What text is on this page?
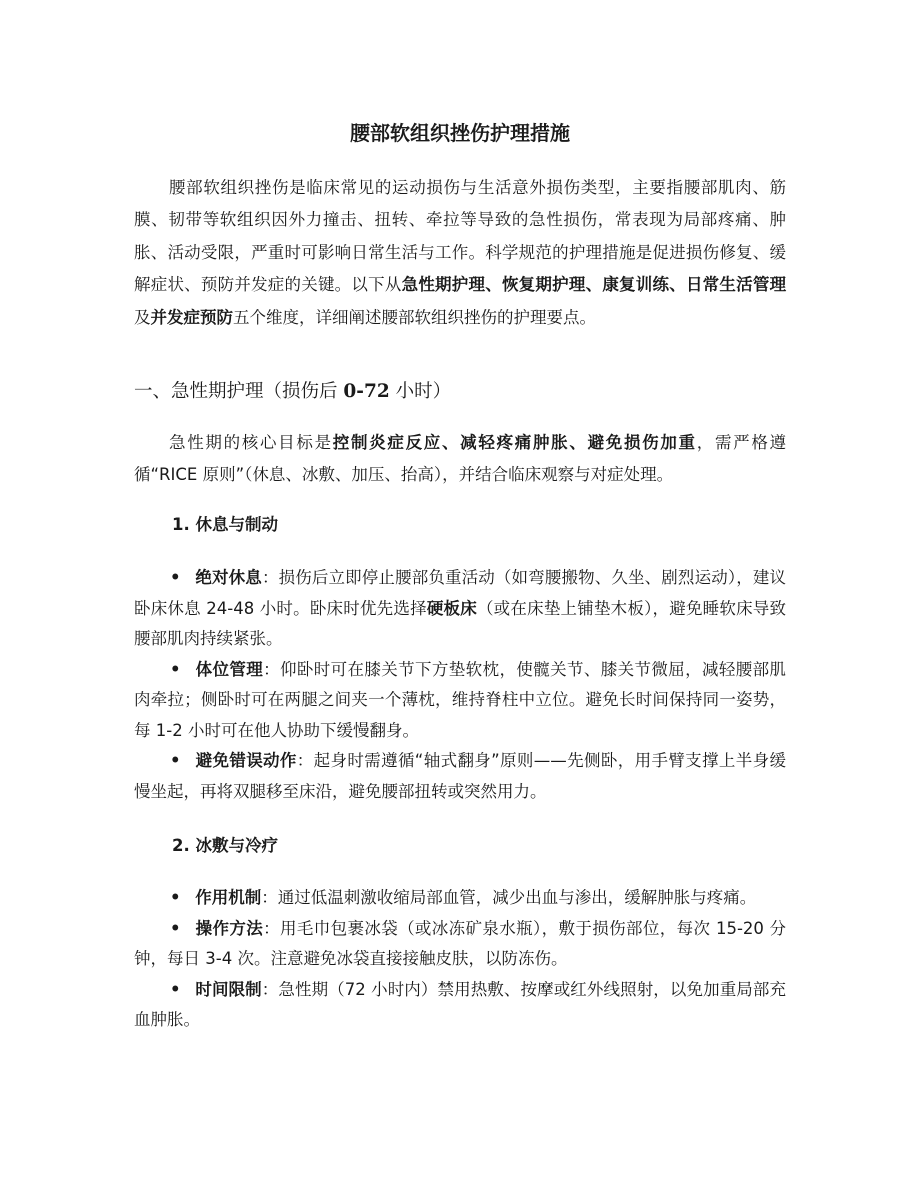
腰部软组织挫伤护理措施

腰部软组织挫伤是临床常见的运动损伤与生活意外损伤类型，主要指腰部肌肉、筋膜、韧带等软组织因外力撞击、扭转、牵拉等导致的急性损伤，常表现为局部疼痛、肿胀、活动受限，严重时可影响日常生活与工作。科学规范的护理措施是促进损伤修复、缓解症状、预防并发症的关键。以下从急性期护理、恢复期护理、康复训练、日常生活管理及并发症预防五个维度，详细阐述腰部软组织挫伤的护理要点。

一、急性期护理（损伤后 0-72 小时）

急性期的核心目标是控制炎症反应、减轻疼痛肿胀、避免损伤加重，需严格遵循“RICE 原则”（休息、冰敷、加压、抬高），并结合临床观察与对症处理。

1. 休息与制动
• 绝对休息：损伤后立即停止腰部负重活动（如弯腰搬物、久坐、剧烈运动），建议卧床休息 24-48 小时。卧床时优先选择硬板床（或在床垫上铺垫木板），避免睡软床导致腰部肌肉持续紧张。
• 体位管理：仰卧时可在膝关节下方垫软枕，使髋关节、膝关节微屈，减轻腰部肌肉牵拉；侧卧时可在两腿之间夹一个薄枕，维持脊柱中立位。避免长时间保持同一姿势，每 1-2 小时可在他人协助下缓慢翻身。
• 避免错误动作：起身时需遵循“轴式翻身”原则——先侧卧，用手臂支撑上半身缓慢坐起，再将双腿移至床沿，避免腰部扭转或突然用力。
2. 冰敷与冷疗
• 作用机制：通过低温刺激收缩局部血管，减少出血与渗出，缓解肿胀与疼痛。
• 操作方法：用毛巾包裹冰袋（或冰冻矿泉水瓶），敷于损伤部位，每次 15-20 分钟，每日 3-4 次。注意避免冰袋直接接触皮肤，以防冻伤。
• 时间限制：急性期（72 小时内）禁用热敷、按摩或红外线照射，以免加重局部充血肿胀。
